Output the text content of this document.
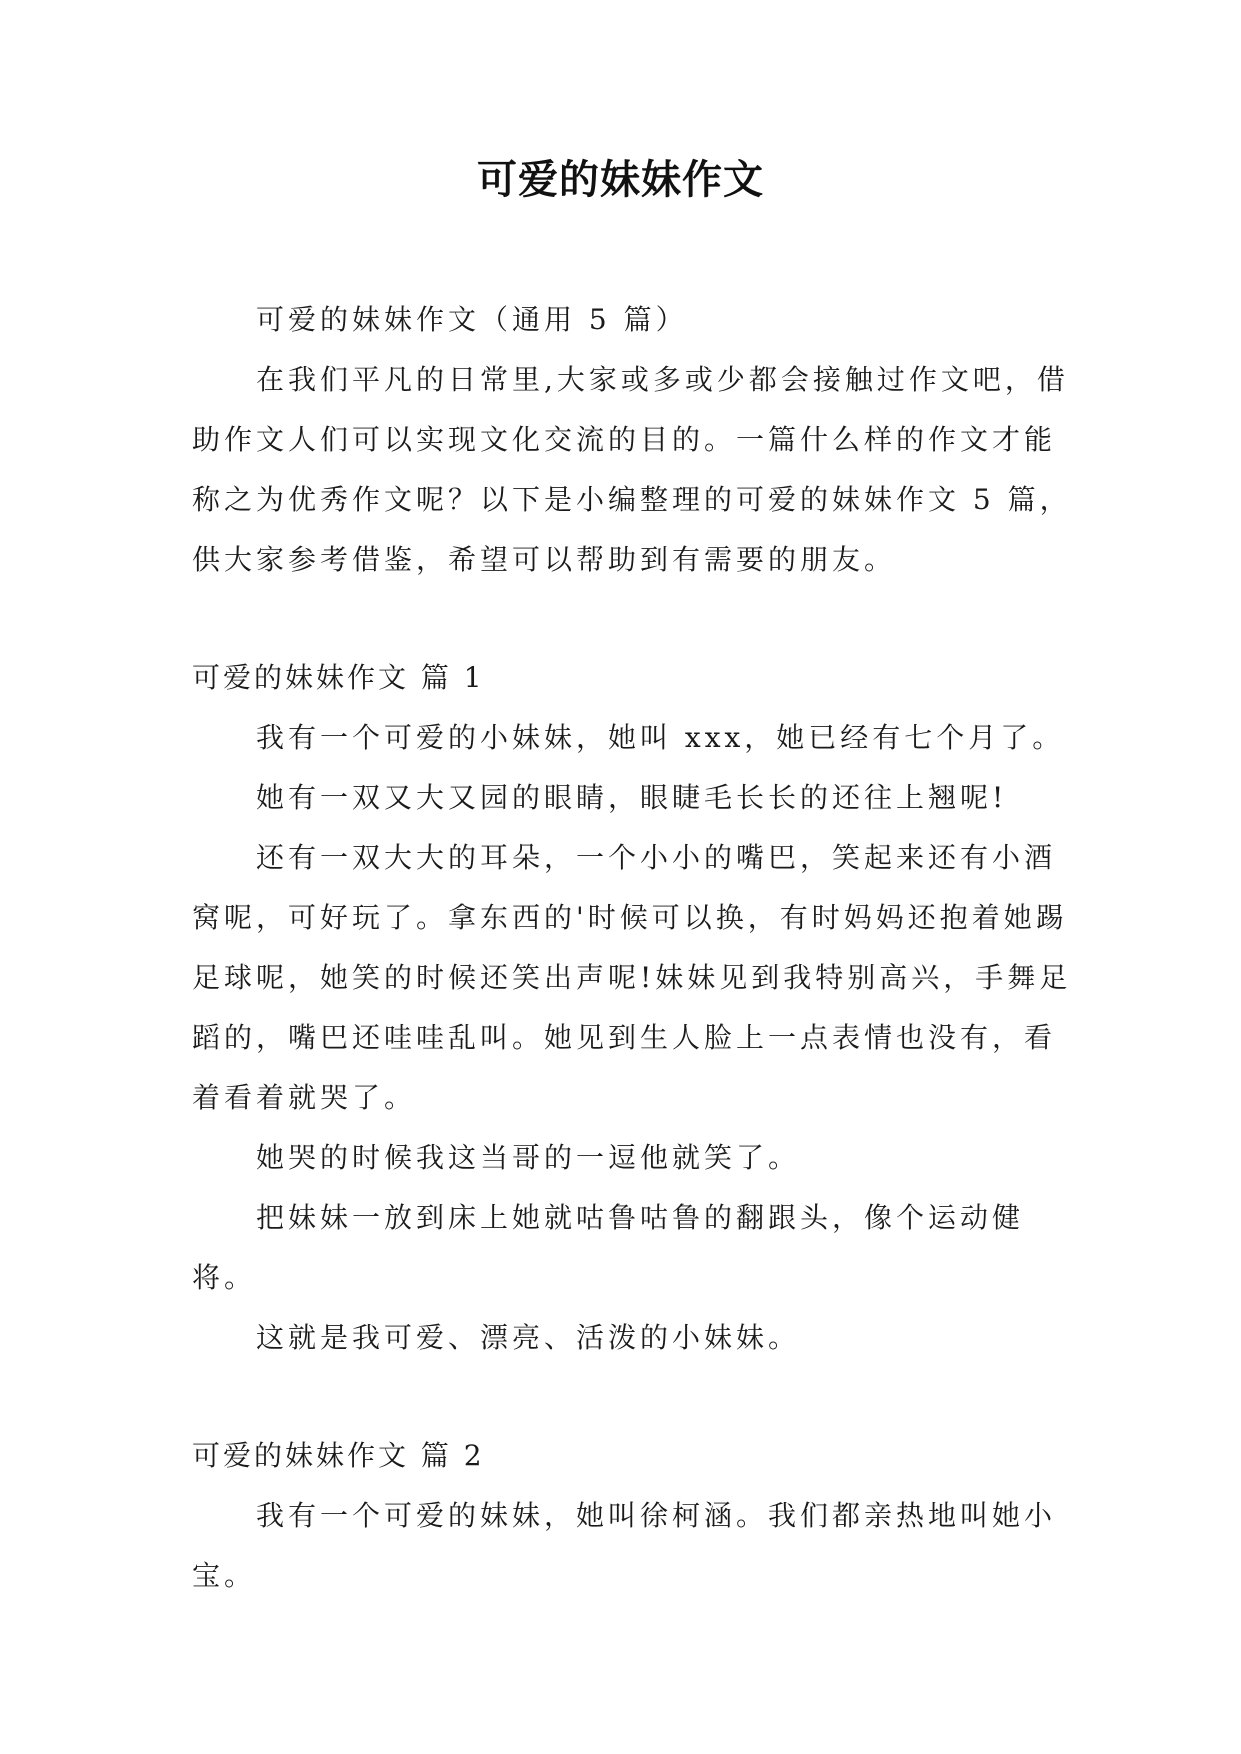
可爱的妹妹作文

可爱的妹妹作文（通用 5 篇）

在我们平凡的日常里,大家或多或少都会接触过作文吧，借助作文人们可以实现文化交流的目的。一篇什么样的作文才能称之为优秀作文呢？以下是小编整理的可爱的妹妹作文 5 篇，供大家参考借鉴，希望可以帮助到有需要的朋友。

可爱的妹妹作文 篇 1

我有一个可爱的小妹妹，她叫 xxx，她已经有七个月了。

她有一双又大又园的眼睛，眼睫毛长长的还往上翘呢!

还有一双大大的耳朵，一个小小的嘴巴，笑起来还有小酒窝呢，可好玩了。拿东西的'时候可以换，有时妈妈还抱着她踢足球呢，她笑的时候还笑出声呢!妹妹见到我特别高兴，手舞足蹈的，嘴巴还哇哇乱叫。她见到生人脸上一点表情也没有，看着看着就哭了。

她哭的时候我这当哥的一逗他就笑了。

把妹妹一放到床上她就咕鲁咕鲁的翻跟头，像个运动健将。

这就是我可爱、漂亮、活泼的小妹妹。

可爱的妹妹作文 篇 2

我有一个可爱的妹妹，她叫徐柯涵。我们都亲热地叫她小宝。
